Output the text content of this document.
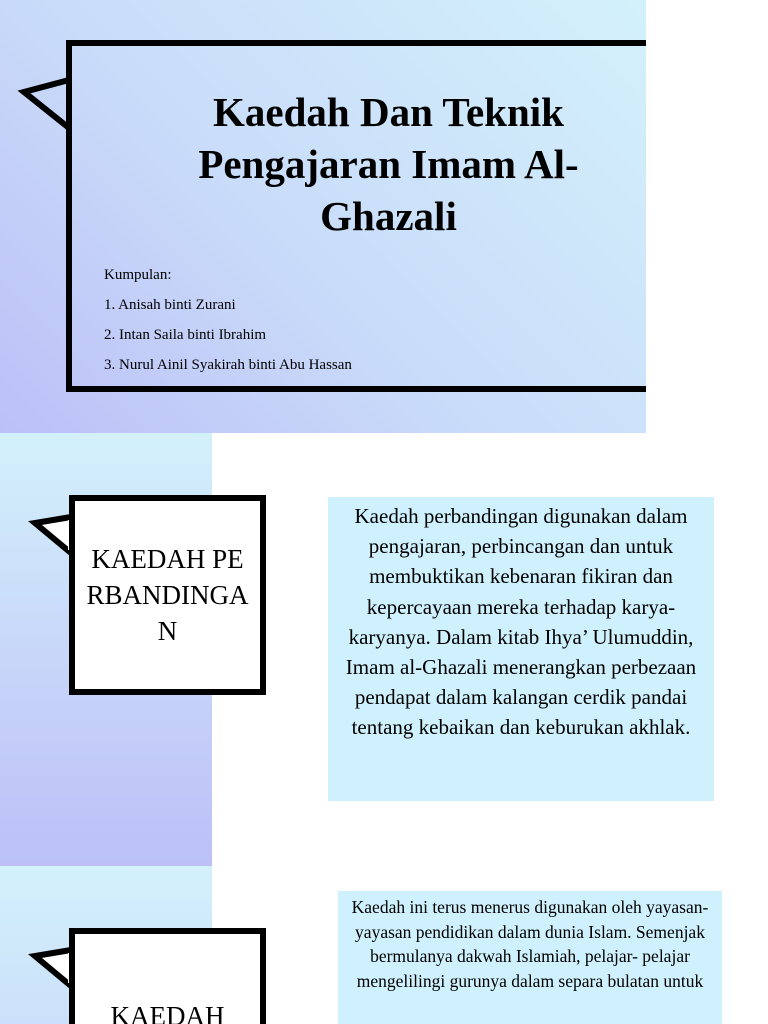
Kaedah Dan Teknik Pengajaran Imam Al-Ghazali
Kumpulan:
1. Anisah binti Zurani
2. Intan Saila binti Ibrahim
3. Nurul Ainil Syakirah binti Abu Hassan
KAEDAH PERBANDINGAN
Kaedah perbandingan digunakan dalam pengajaran, perbincangan dan untuk membuktikan kebenaran fikiran dan kepercayaan mereka terhadap karya- karyanya. Dalam kitab Ihya’ Ulumuddin, Imam al-Ghazali menerangkan perbezaan pendapat dalam kalangan cerdik pandai tentang kebaikan dan keburukan akhlak.
KAEDAH
Kaedah ini terus menerus digunakan oleh yayasan- yayasan pendidikan dalam dunia Islam. Semenjak bermulanya dakwah Islamiah, pelajar- pelajar mengelilingi gurunya dalam separa bulatan untuk
